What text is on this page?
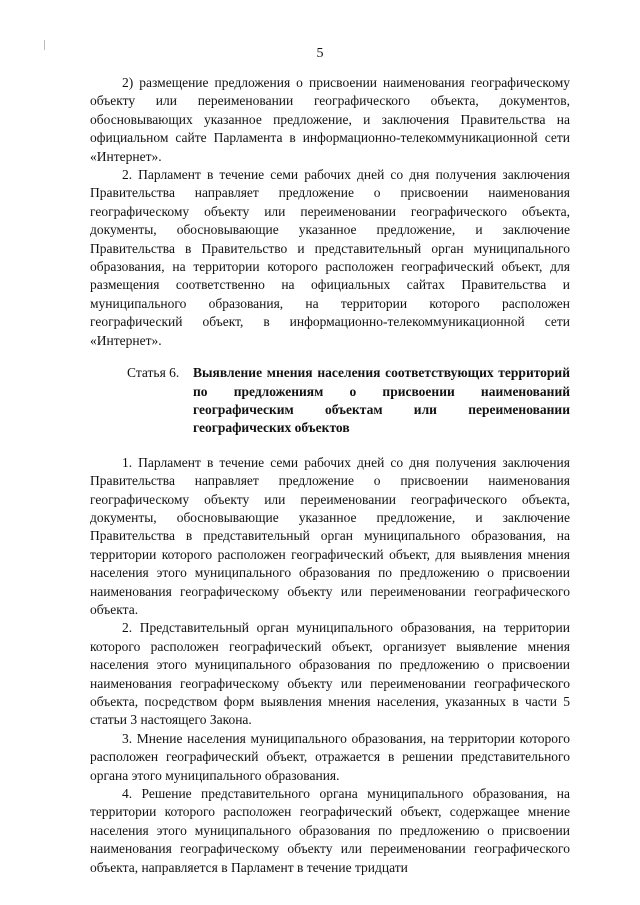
5

2) размещение предложения о присвоении наименования географическому объекту или переименовании географического объекта, документов, обосновывающих указанное предложение, и заключения Правительства на официальном сайте Парламента в информационно-телекоммуникационной сети «Интернет».

2. Парламент в течение семи рабочих дней со дня получения заключения Правительства направляет предложение о присвоении наименования географическому объекту или переименовании географического объекта, документы, обосновывающие указанное предложение, и заключение Правительства в Правительство и представительный орган муниципального образования, на территории которого расположен географический объект, для размещения соответственно на официальных сайтах Правительства и муниципального образования, на территории которого расположен географический объект, в информационно-телекоммуникационной сети «Интернет».

Статья 6. Выявление мнения населения соответствующих территорий по предложениям о присвоении наименований географическим объектам или переименовании географических объектов

1. Парламент в течение семи рабочих дней со дня получения заключения Правительства направляет предложение о присвоении наименования географическому объекту или переименовании географического объекта, документы, обосновывающие указанное предложение, и заключение Правительства в представительный орган муниципального образования, на территории которого расположен географический объект, для выявления мнения населения этого муниципального образования по предложению о присвоении наименования географическому объекту или переименовании географического объекта.

2. Представительный орган муниципального образования, на территории которого расположен географический объект, организует выявление мнения населения этого муниципального образования по предложению о присвоении наименования географическому объекту или переименовании географического объекта, посредством форм выявления мнения населения, указанных в части 5 статьи 3 настоящего Закона.

3. Мнение населения муниципального образования, на территории которого расположен географический объект, отражается в решении представительного органа этого муниципального образования.

4. Решение представительного органа муниципального образования, на территории которого расположен географический объект, содержащее мнение населения этого муниципального образования по предложению о присвоении наименования географическому объекту или переименовании географического объекта, направляется в Парламент в течение тридцати
